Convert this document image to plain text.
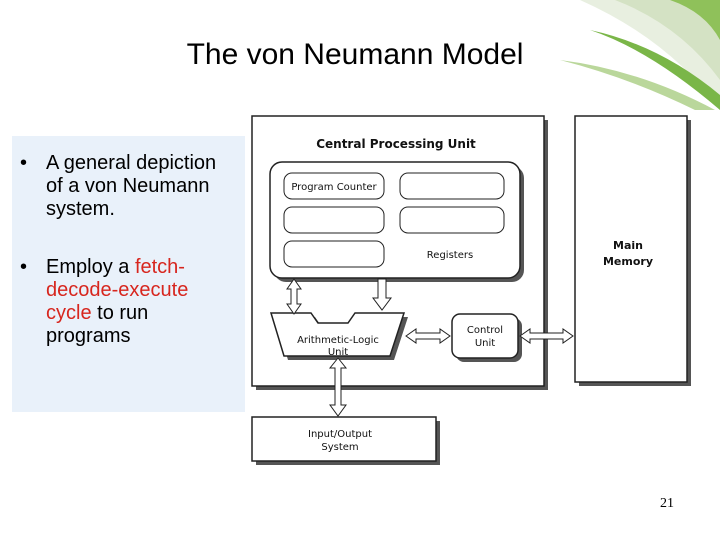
The von Neumann Model
• A general depiction of a von Neumann system.
• Employ a fetch-decode-execute cycle to run programs
Central Processing Unit
Program Counter
Registers
Arithmetic-Logic
Unit
Control
Unit
Main
Memory
Input/Output
System
21
